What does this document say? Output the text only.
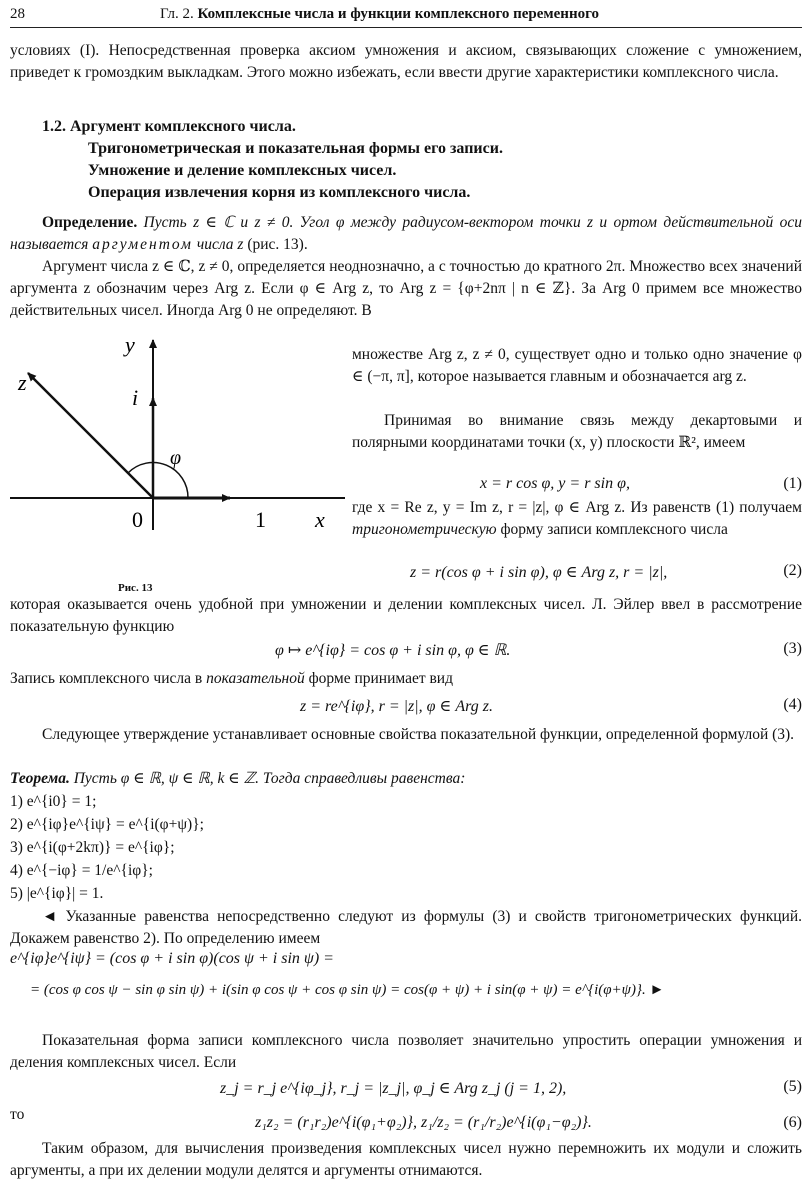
28	Гл. 2. Комплексные числа и функции комплексного переменного
условиях (I). Непосредственная проверка аксиом умножения и аксиом, связывающих сложение с умножением, приведет к громоздким выкладкам. Этого можно избежать, если ввести другие характеристики комплексного числа.
1.2. Аргумент комплексного числа.
Тригонометрическая и показательная формы его записи.
Умножение и деление комплексных чисел.
Операция извлечения корня из комплексного числа.
Определение. Пусть z ∈ ℂ и z ≠ 0. Угол φ между радиусом-вектором точки z и ортом действительной оси называется аргументом числа z (рис. 13).
Аргумент числа z ∈ ℂ, z ≠ 0, определяется неоднозначно, а с точностью до кратного 2π. Множество всех значений аргумента z обозначим через Arg z. Если φ ∈ Arg z, то Arg z = {φ+2nπ | n ∈ ℤ}. За Arg 0 примем все множество действительных чисел. Иногда Arg 0 не определяют. В
y
z
i
φ
0	1 x
Рис. 13
множестве Arg z, z ≠ 0, существует одно и только одно значение φ ∈ (−π, π], которое называется главным и обозначается arg z.
Принимая во внимание связь между декартовыми и полярными координатами точки (x, y) плоскости ℝ², имеем
x = r cos φ, y = r sin φ,	(1)
где x = Re z, y = Im z, r = |z|, φ ∈ Arg z. Из равенств (1) получаем тригонометрическую форму записи комплексного числа
z = r(cos φ + i sin φ), φ ∈ Arg z, r = |z|,	(2)
которая оказывается очень удобной при умножении и делении комплексных чисел. Л. Эйлер ввел в рассмотрение показательную функцию
φ ↦ e^{iφ} = cos φ + i sin φ, φ ∈ ℝ.	(3)
Запись комплексного числа в показательной форме принимает вид
z = re^{iφ}, r = |z|, φ ∈ Arg z.	(4)
Следующее утверждение устанавливает основные свойства показательной функции, определенной формулой (3).
Теорема. Пусть φ ∈ ℝ, ψ ∈ ℝ, k ∈ ℤ. Тогда справедливы равенства:
1) e^{i0} = 1;
2) e^{iφ}e^{iψ} = e^{i(φ+ψ)};
3) e^{i(φ+2kπ)} = e^{iφ};
4) e^{−iφ} = 1/e^{iφ};
5) |e^{iφ}| = 1.
◄ Указанные равенства непосредственно следуют из формулы (3) и свойств тригонометрических функций. Докажем равенство 2). По определению имеем
e^{iφ}e^{iψ} = (cos φ + i sin φ)(cos ψ + i sin ψ) =
= (cos φ cos ψ − sin φ sin ψ) + i(sin φ cos ψ + cos φ sin ψ) = cos(φ + ψ) + i sin(φ + ψ) = e^{i(φ+ψ)}. ►
Показательная форма записи комплексного числа позволяет значительно упростить операции умножения и деления комплексных чисел. Если
z_j = r_j e^{iφ_j}, r_j = |z_j|, φ_j ∈ Arg z_j (j = 1, 2),	(5)
то	z₁z₂ = (r₁r₂)e^{i(φ₁+φ₂)}, z₁/z₂ = (r₁/r₂)e^{i(φ₁−φ₂)}.	(6)
Таким образом, для вычисления произведения комплексных чисел нужно перемножить их модули и сложить аргументы, а при их делении модули делятся и аргументы отнимаются.
